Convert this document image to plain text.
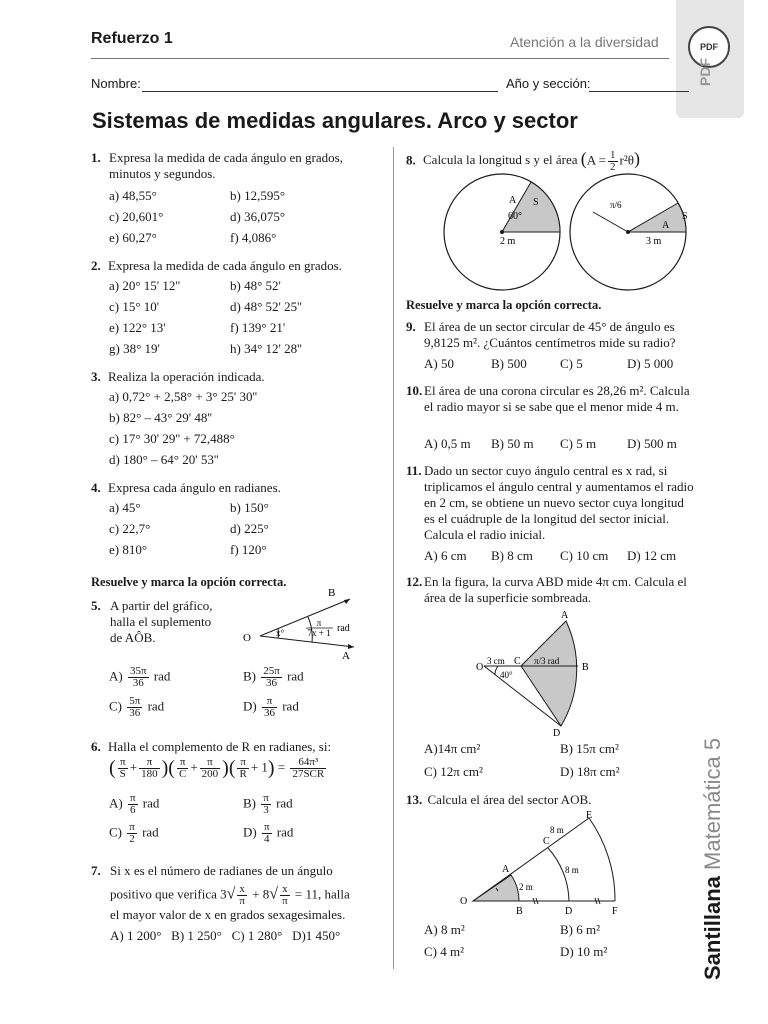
PDF
PDF
Refuerzo 1	Atención a la diversidad
Nombre:	Año y sección:
Sistemas de medidas angulares. Arco y sector
1. Expresa la medida de cada ángulo en grados, minutos y segundos.
a) 48,55°	b) 12,595°
c) 20,601°	d) 36,075°
e) 60,27°	f) 4,086°
2. Expresa la medida de cada ángulo en grados.
a) 20° 15' 12''	b) 48° 52'
c) 15° 10'	d) 48° 52' 25''
e) 122° 13'	f) 139° 21'
g) 38° 19'	h) 34° 12' 28''
3. Realiza la operación indicada.
a) 0,72° + 2,58° + 3° 25' 30''
b) 82° – 43° 29' 48''
c) 17° 30' 29'' + 72,488°
d) 180° – 64° 20' 53''
4. Expresa cada ángulo en radianes.
a) 45°	b) 150°
c) 22,7°	d) 225°
e) 810°	f) 120°
Resuelve y marca la opción correcta.
5. A partir del gráfico,
halla el suplemento
de AÔB.	O
B
A
x°
π
7x + 1 rad
$A) \frac{35\pi}{36}$ rad	$B) \frac{25\pi}{36}$ rad
$C) \frac{5\pi}{36}$ rad	$D) \frac{\pi}{36}$ rad
6. Halla el complemento de R en radianes, si:
( $\frac{\pi}{S} + \frac{\pi}{180}$ )( $\frac{\pi}{C} + \frac{\pi}{200}$ )( $\frac{\pi}{R} + 1) = \frac{\text{64π³}}{\text{27SCR}}$
$A) \frac{\pi}{6}$ rad	$B) \frac{\pi}{3}$ rad
$C) \frac{\pi}{2}$ rad	$D) \frac{\pi}{4}$ rad
7. Si x es el número de radianes de un ángulo
positivo que verifica $3√ \frac{x}{\pi} + 8√ \frac{x}{\pi} = 11$, halla
el mayor valor de x en grados sexagesimales.
A) 1 200°   B) 1 250°   C) 1 280°   D)1 450°
8. Calcula la longitud s y el área $(A = \frac{1}{2} r^2\theta)$
A
60°
S
2 m
π/6
A
S
3 m
Resuelve y marca la opción correcta.
9. El área de un sector circular de 45° de ángulo es 9,8125 m². ¿Cuántos centímetros mide su radio?
A) 50	B) 500	C) 5	D) 5 000
10. El área de una corona circular es 28,26 m². Calcula el radio mayor si se sabe que el menor mide 4 m.
A) 0,5 m B) 50 m C) 5 m D) 500 m
11. Dado un sector cuyo ángulo central es x rad, si triplicamos el ángulo central y aumentamos el radio en 2 cm, se obtiene un nuevo sector cuya longitud es el cuádruple de la longitud del sector inicial. Calcula el radio inicial.
A) 6 cm B) 8 cm C) 10 cm D) 12 cm
12. En la figura, la curva ABD mide 4π cm. Calcula el área de la superficie sombreada.
O
3 cm C π/3 rad
B
A
D
40°
A)14π cm²	B) 15π cm²
C) 12π cm²	D) 18π cm²
13. Calcula el área del sector AOB.
O
A
B
C
D
E
F
2 m
8 m
8 m
A) 8 m²	B) 6 m²
C) 4 m²	D) 10 m²	Santillana Matemática 5
